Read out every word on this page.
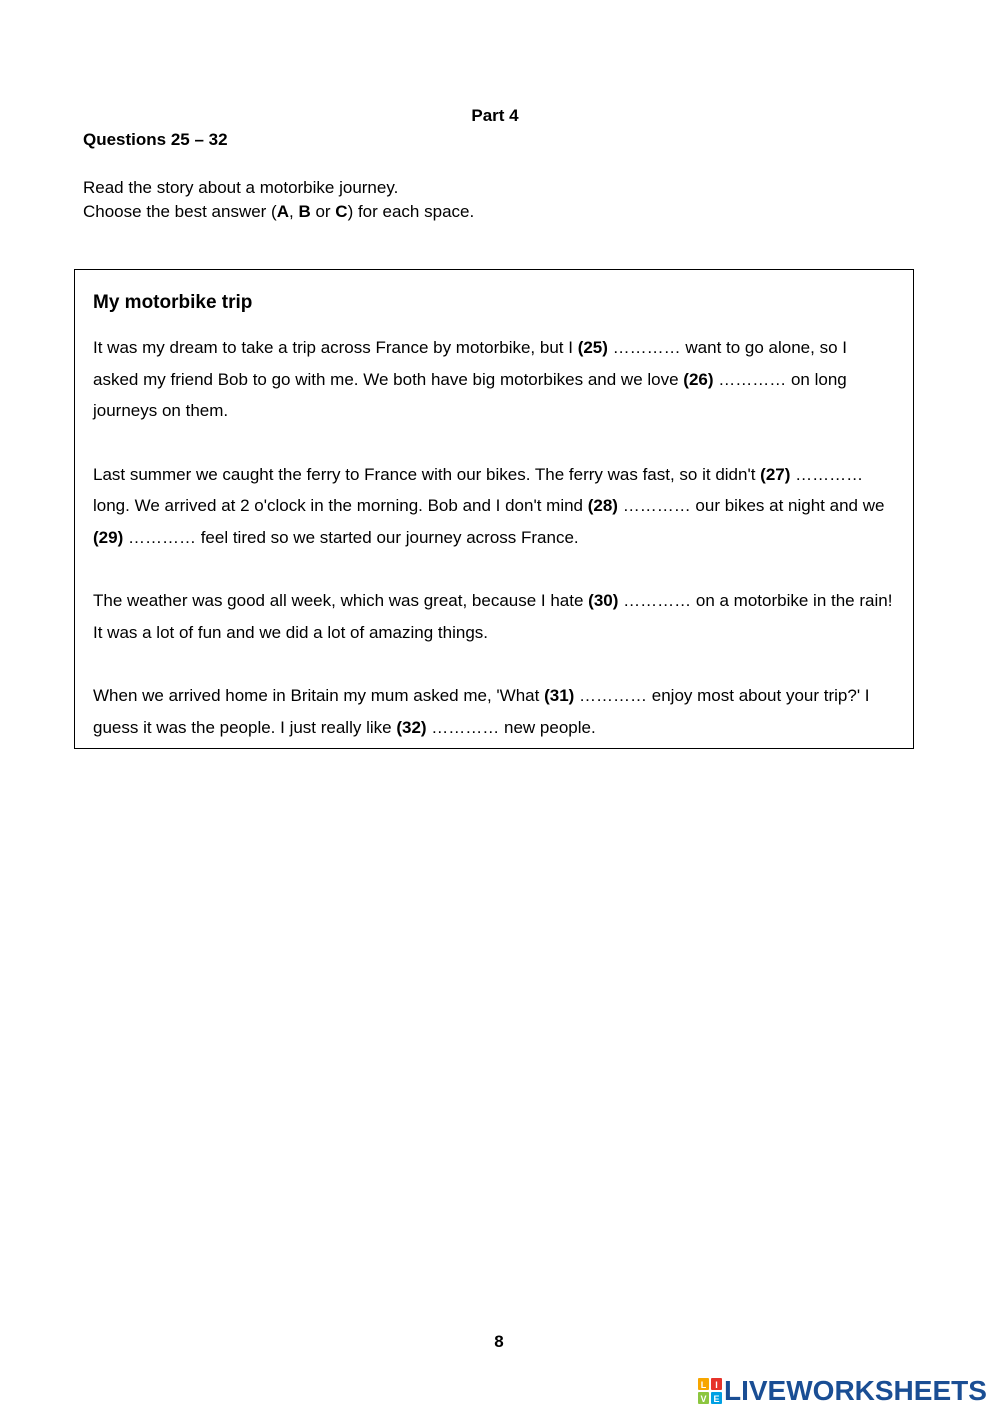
Part 4
Questions 25 – 32
Read the story about a motorbike journey.
Choose the best answer (A, B or C) for each space.
My motorbike trip

It was my dream to take a trip across France by motorbike, but I (25) ………… want to go alone, so I asked my friend Bob to go with me. We both have big motorbikes and we love (26) ………… on long journeys on them.

Last summer we caught the ferry to France with our bikes. The ferry was fast, so it didn't (27) ………… long. We arrived at 2 o'clock in the morning. Bob and I don't mind (28) ………… our bikes at night and we (29) ………… feel tired so we started our journey across France.

The weather was good all week, which was great, because I hate (30) ………… on a motorbike in the rain! It was a lot of fun and we did a lot of amazing things.

When we arrived home in Britain my mum asked me, 'What (31) ………… enjoy most about your trip?' I guess it was the people. I just really like (32) ………… new people.

8
L I
V E LIVEWORKSHEETS
